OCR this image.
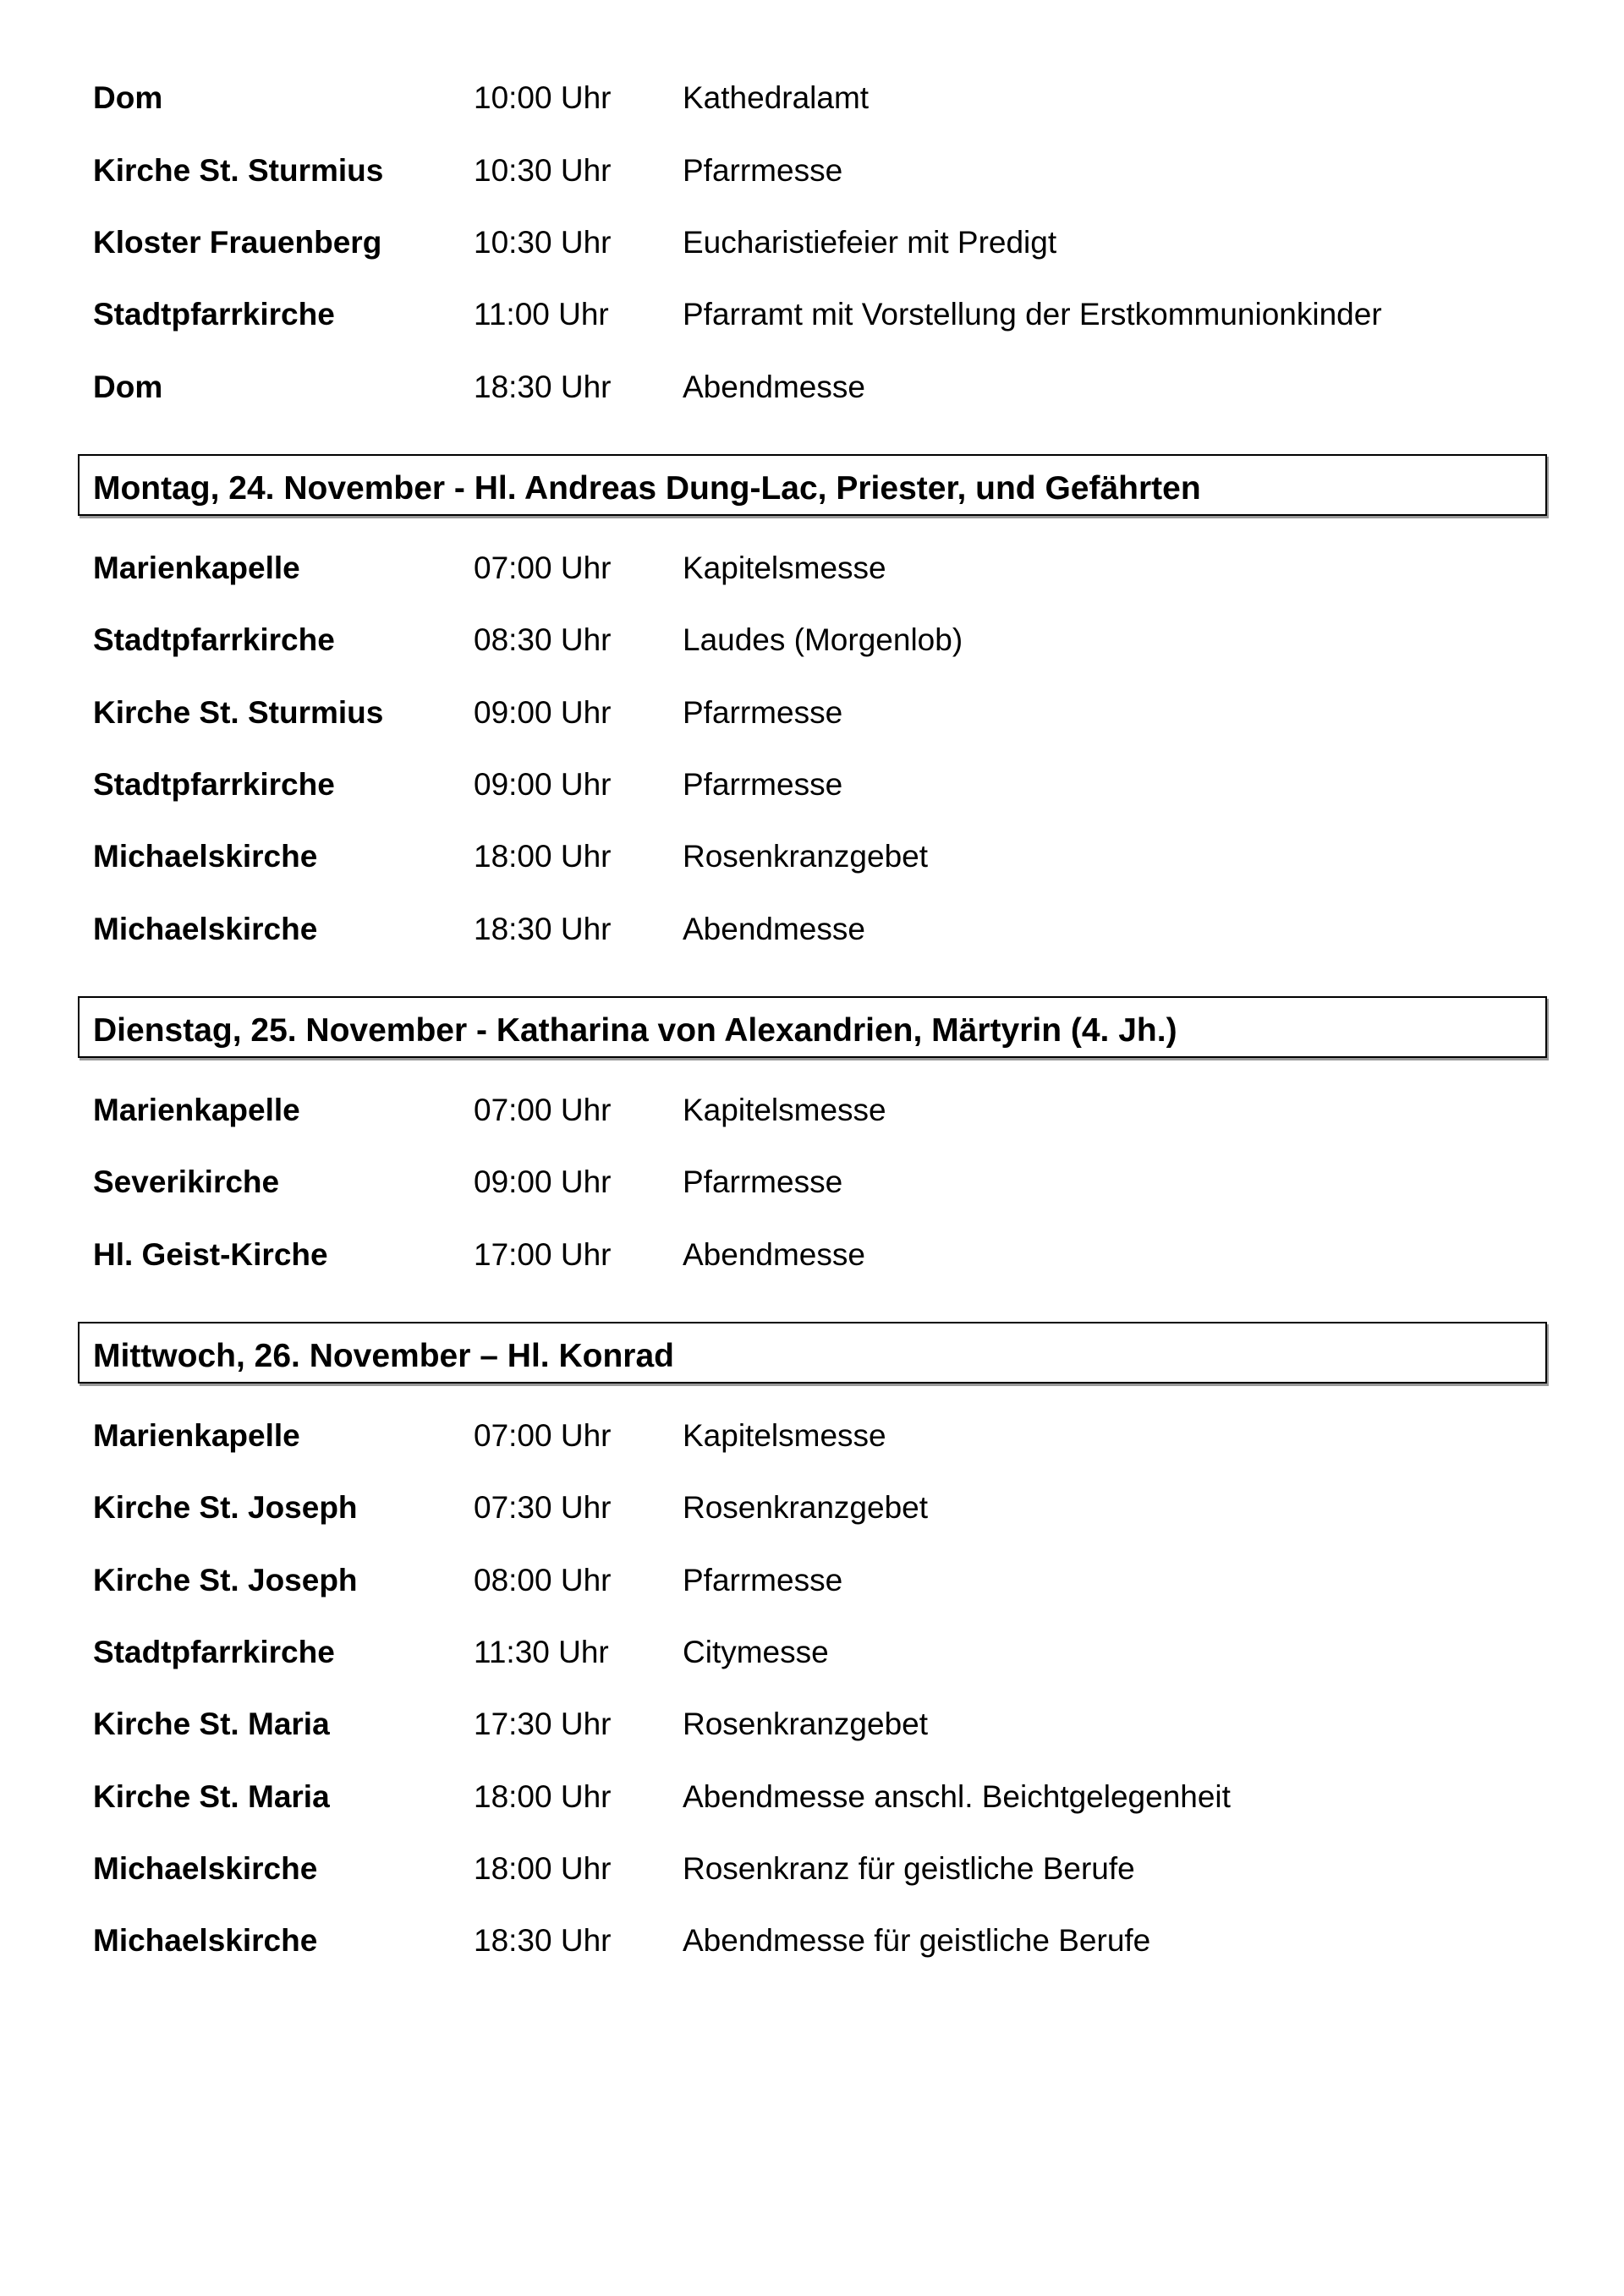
Dom	10:00 Uhr	Kathedralamt
Kirche St. Sturmius	10:30 Uhr	Pfarrmesse
Kloster Frauenberg	10:30 Uhr	Eucharistiefeier mit Predigt
Stadtpfarrkirche	11:00 Uhr	Pfarramt mit Vorstellung der Erstkommunionkinder
Dom	18:30 Uhr	Abendmesse
Montag, 24. November - Hl. Andreas Dung-Lac, Priester, und Gefährten
Marienkapelle	07:00 Uhr	Kapitelsmesse
Stadtpfarrkirche	08:30 Uhr	Laudes (Morgenlob)
Kirche St. Sturmius	09:00 Uhr	Pfarrmesse
Stadtpfarrkirche	09:00 Uhr	Pfarrmesse
Michaelskirche	18:00 Uhr	Rosenkranzgebet
Michaelskirche	18:30 Uhr	Abendmesse
Dienstag, 25. November - Katharina von Alexandrien, Märtyrin (4. Jh.)
Marienkapelle	07:00 Uhr	Kapitelsmesse
Severikirche	09:00 Uhr	Pfarrmesse
Hl. Geist-Kirche	17:00 Uhr	Abendmesse
Mittwoch, 26. November – Hl. Konrad
Marienkapelle	07:00 Uhr	Kapitelsmesse
Kirche St. Joseph	07:30 Uhr	Rosenkranzgebet
Kirche St. Joseph	08:00 Uhr	Pfarrmesse
Stadtpfarrkirche	11:30 Uhr	Citymesse
Kirche St. Maria	17:30 Uhr	Rosenkranzgebet
Kirche St. Maria	18:00 Uhr	Abendmesse anschl. Beichtgelegenheit
Michaelskirche	18:00 Uhr	Rosenkranz für geistliche Berufe
Michaelskirche	18:30 Uhr	Abendmesse für geistliche Berufe
